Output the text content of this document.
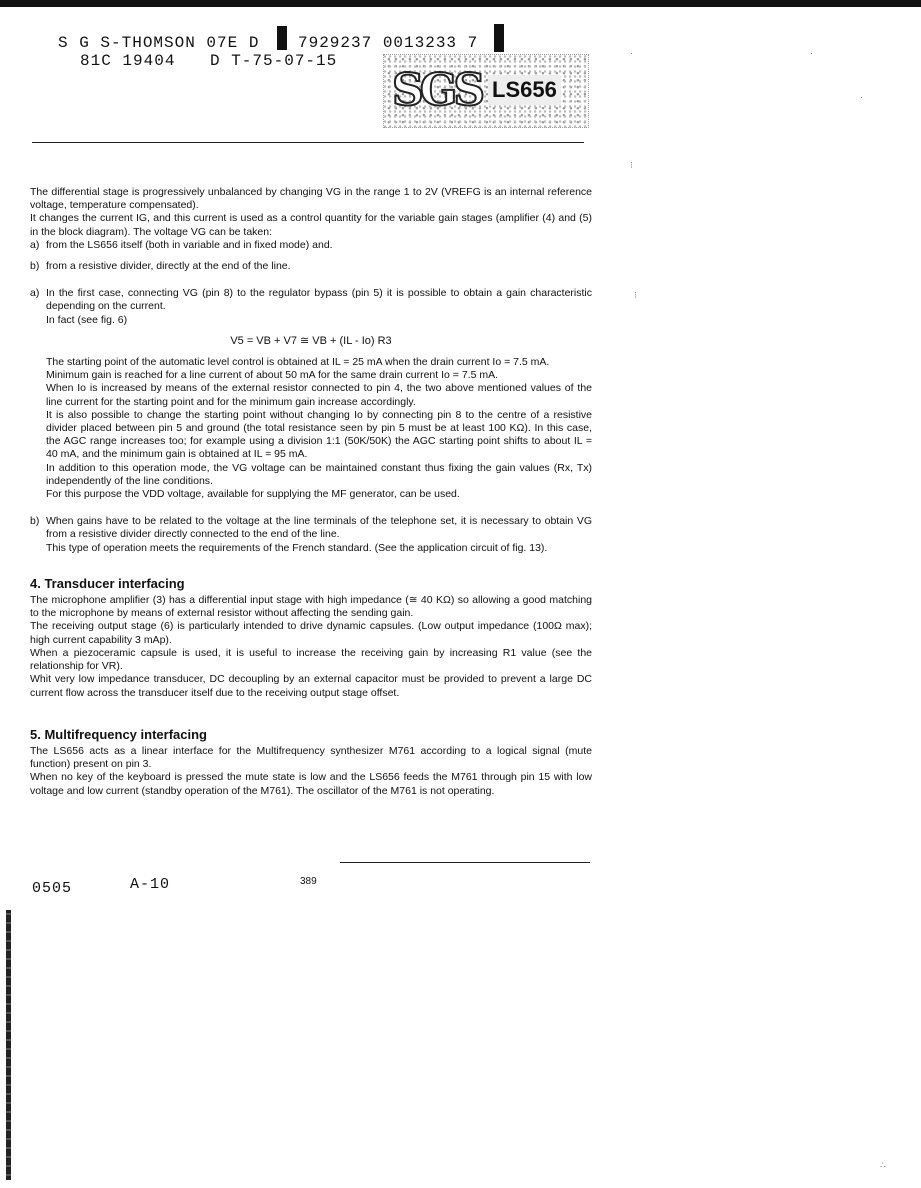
S G S-THOMSON 07E D 7929237 0013233 7
81C 19404 D T-75-07-15
SGS LS656

The differential stage is progressively unbalanced by changing VG in the range 1 to 2V (VREFG is an internal reference voltage, temperature compensated).

It changes the current IG, and this current is used as a control quantity for the variable gain stages (amplifier (4) and (5) in the block diagram). The voltage VG can be taken:

a) from the LS656 itself (both in variable and in fixed mode) and.
b) from a resistive divider, directly at the end of the line.
a) In the first case, connecting VG (pin 8) to the regulator bypass (pin 5) it is possible to obtain a gain characteristic depending on the current.

In fact (see fig. 6)

V5 = VB + V7 ≅ VB + (IL - Io) R3

The starting point of the automatic level control is obtained at IL = 25 mA when the drain current Io = 7.5 mA.

Minimum gain is reached for a line current of about 50 mA for the same drain current Io = 7.5 mA.

When Io is increased by means of the external resistor connected to pin 4, the two above mentioned values of the line current for the starting point and for the minimum gain increase accordingly.

It is also possible to change the starting point without changing Io by connecting pin 8 to the centre of a resistive divider placed between pin 5 and ground (the total resistance seen by pin 5 must be at least 100 KΩ). In this case, the AGC range increases too; for example using a division 1:1 (50K/50K) the AGC starting point shifts to about IL = 40 mA, and the minimum gain is obtained at IL = 95 mA.

In addition to this operation mode, the VG voltage can be maintained constant thus fixing the gain values (Rx, Tx) independently of the line conditions.

For this purpose the VDD voltage, available for supplying the MF generator, can be used.

b) When gains have to be related to the voltage at the line terminals of the telephone set, it is necessary to obtain VG from a resistive divider directly connected to the end of the line.

This type of operation meets the requirements of the French standard. (See the application circuit of fig. 13).

4. Transducer interfacing

The microphone amplifier (3) has a differential input stage with high impedance (≅ 40 KΩ) so allowing a good matching to the microphone by means of external resistor without affecting the sending gain.

The receiving output stage (6) is particularly intended to drive dynamic capsules. (Low output impedance (100Ω max); high current capability 3 mAp).

When a piezoceramic capsule is used, it is useful to increase the receiving gain by increasing R1 value (see the relationship for VR).

Whit very low impedance transducer, DC decoupling by an external capacitor must be provided to prevent a large DC current flow across the transducer itself due to the receiving output stage offset.

5. Multifrequency interfacing

The LS656 acts as a linear interface for the Multifrequency synthesizer M761 according to a logical signal (mute function) present on pin 3.

When no key of the keyboard is pressed the mute state is low and the LS656 feeds the M761 through pin 15 with low voltage and low current (standby operation of the M761). The oscillator of the M761 is not operating.

0505	A-10	389
·
⁝
⁝
·
·
∴
